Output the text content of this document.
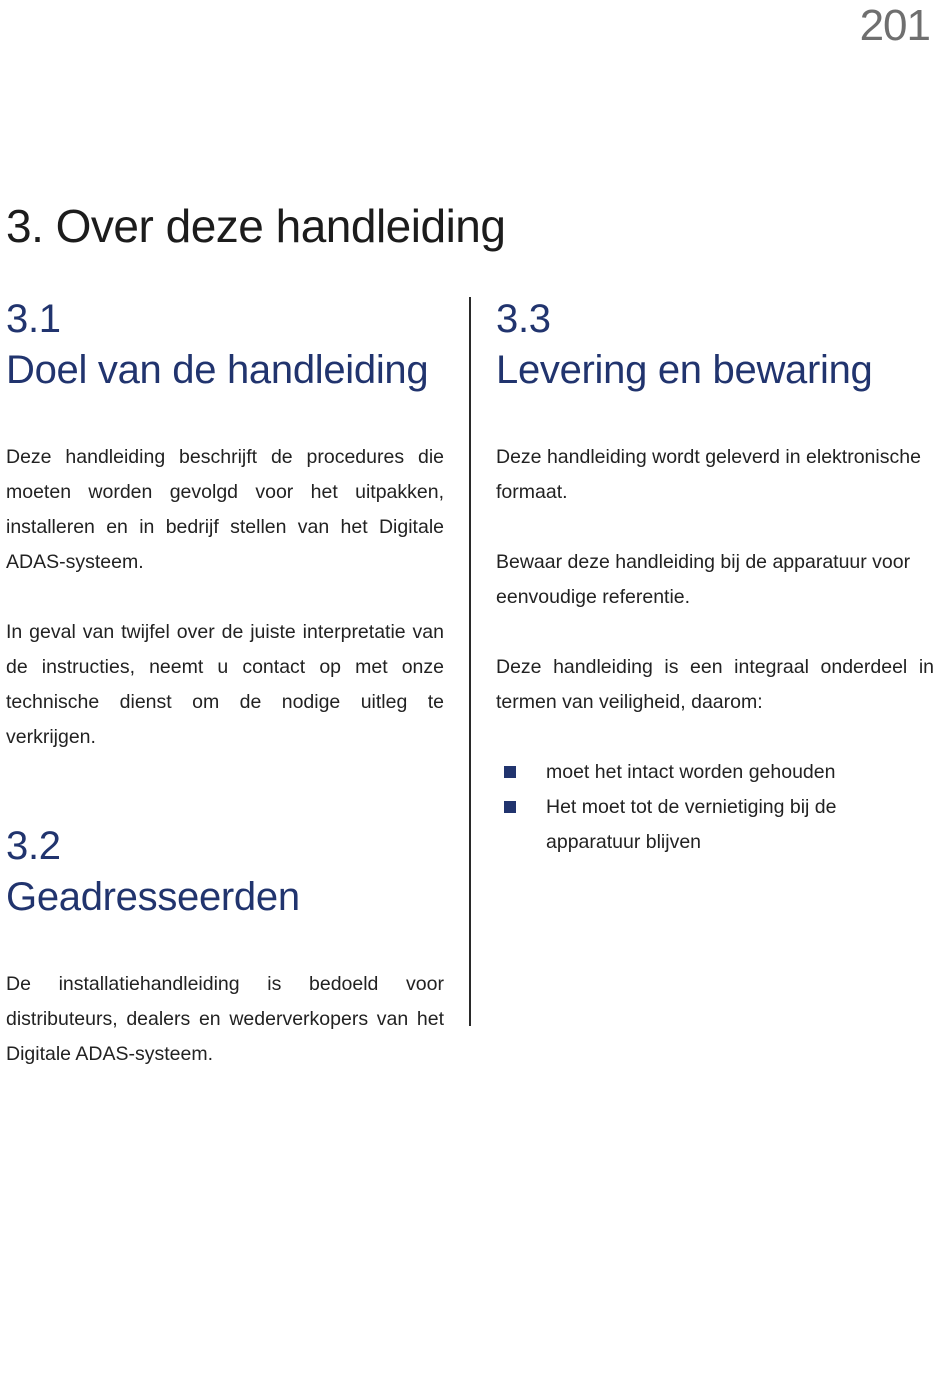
201
3. Over deze handleiding
3.1
Doel van de handleiding

Deze handleiding beschrijft de procedures die moeten worden gevolgd voor het uitpakken, installeren en in bedrijf stellen van het Digitale ADAS-systeem.

In geval van twijfel over de juiste interpretatie van de instructies, neemt u contact op met onze technische dienst om de nodige uitleg te verkrijgen.

3.2
Geadresseerden

De installatiehandleiding is bedoeld voor distributeurs, dealers en wederverkopers van het Digitale ADAS-systeem.

3.3
Levering en bewaring

Deze handleiding wordt geleverd in elektronische formaat.

Bewaar deze handleiding bij de apparatuur voor eenvoudige referentie.

Deze handleiding is een integraal onderdeel in termen van veiligheid, daarom:

moet het intact worden gehouden
Het moet tot de vernietiging bij de apparatuur blijven
